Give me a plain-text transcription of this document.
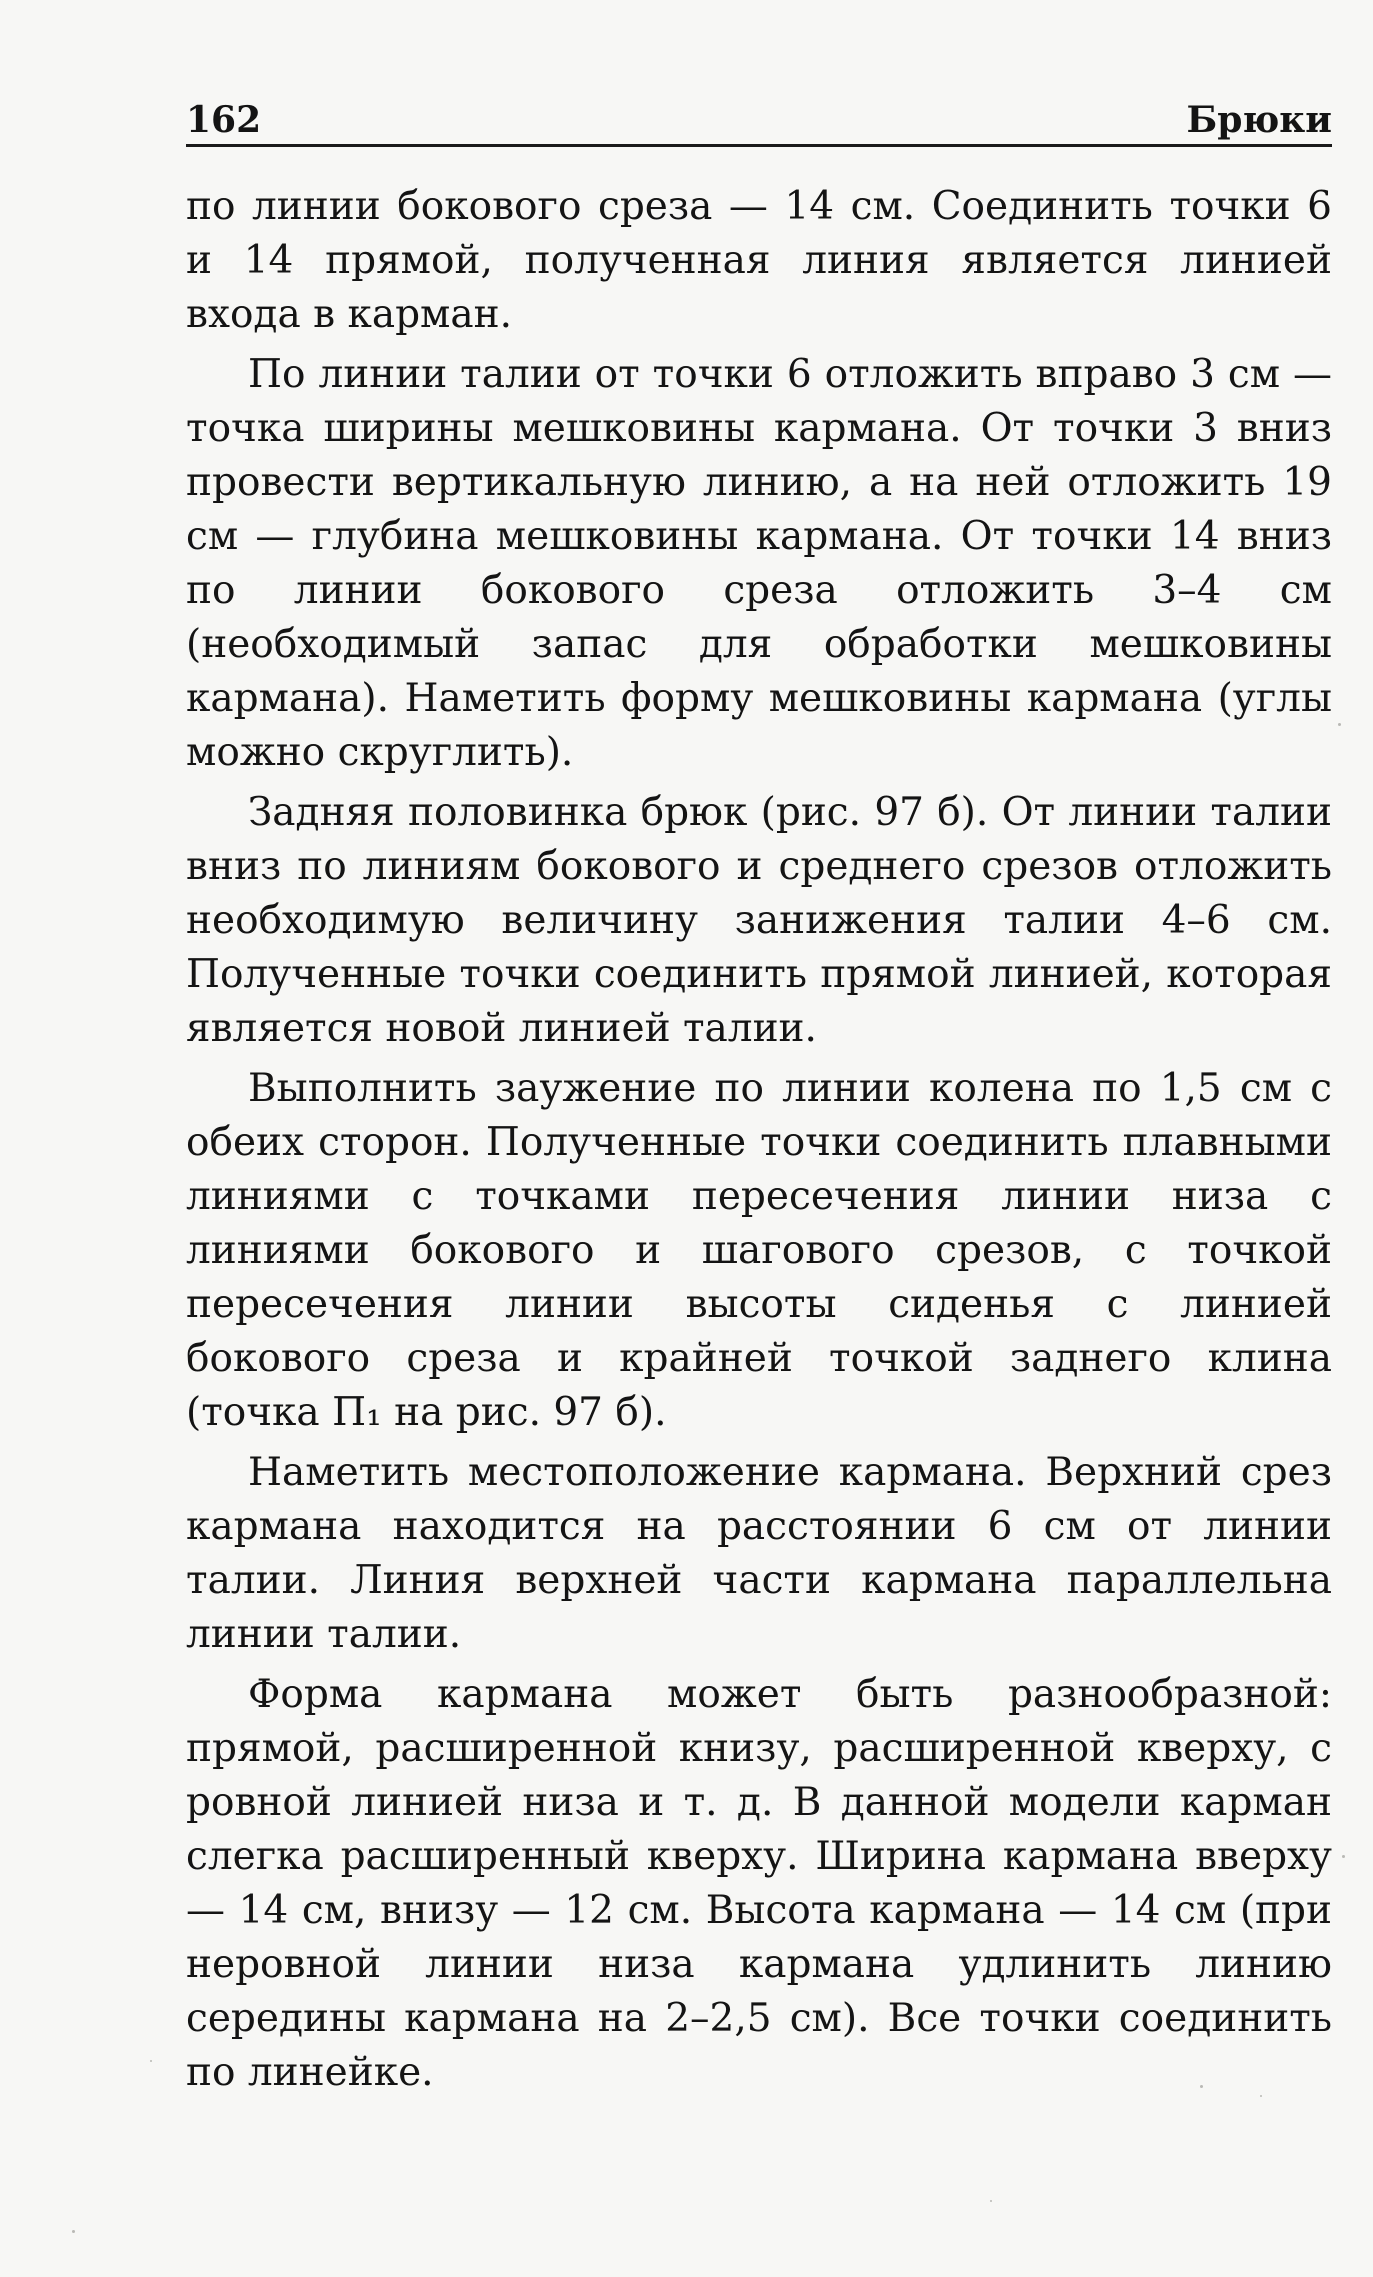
162	Брюки

по линии бокового среза — 14 см. Соединить точки 6 и 14 прямой, полученная линия является линией входа в карман.

По линии талии от точки 6 отложить вправо 3 см — точка ширины мешковины кармана. От точки 3 вниз провести вертикальную линию, а на ней отложить 19 см — глубина мешковины кармана. От точки 14 вниз по линии бокового среза отложить 3–4 см (необходимый запас для обработки мешковины кармана). Наметить форму мешковины кармана (углы можно скруглить).

Задняя половинка брюк (рис. 97 б). От линии талии вниз по линиям бокового и среднего срезов отложить необходимую величину занижения талии 4–6 см. Полученные точки соединить прямой линией, которая является новой линией талии.

Выполнить заужение по линии колена по 1,5 см с обеих сторон. Полученные точки соединить плавными линиями с точками пересечения линии низа с линиями бокового и шагового срезов, с точкой пересечения линии высоты сиденья с линией бокового среза и крайней точкой заднего клина (точка П₁ на рис. 97 б).

Наметить местоположение кармана. Верхний срез кармана находится на расстоянии 6 см от линии талии. Линия верхней части кармана параллельна линии талии.

Форма кармана может быть разнообразной: прямой, расширенной книзу, расширенной кверху, с ровной линией низа и т. д. В данной модели карман слегка расширенный кверху. Ширина кармана вверху — 14 см, внизу — 12 см. Высота кармана — 14 см (при неровной линии низа кармана удлинить линию середины кармана на 2–2,5 см). Все точки соединить по линейке.
